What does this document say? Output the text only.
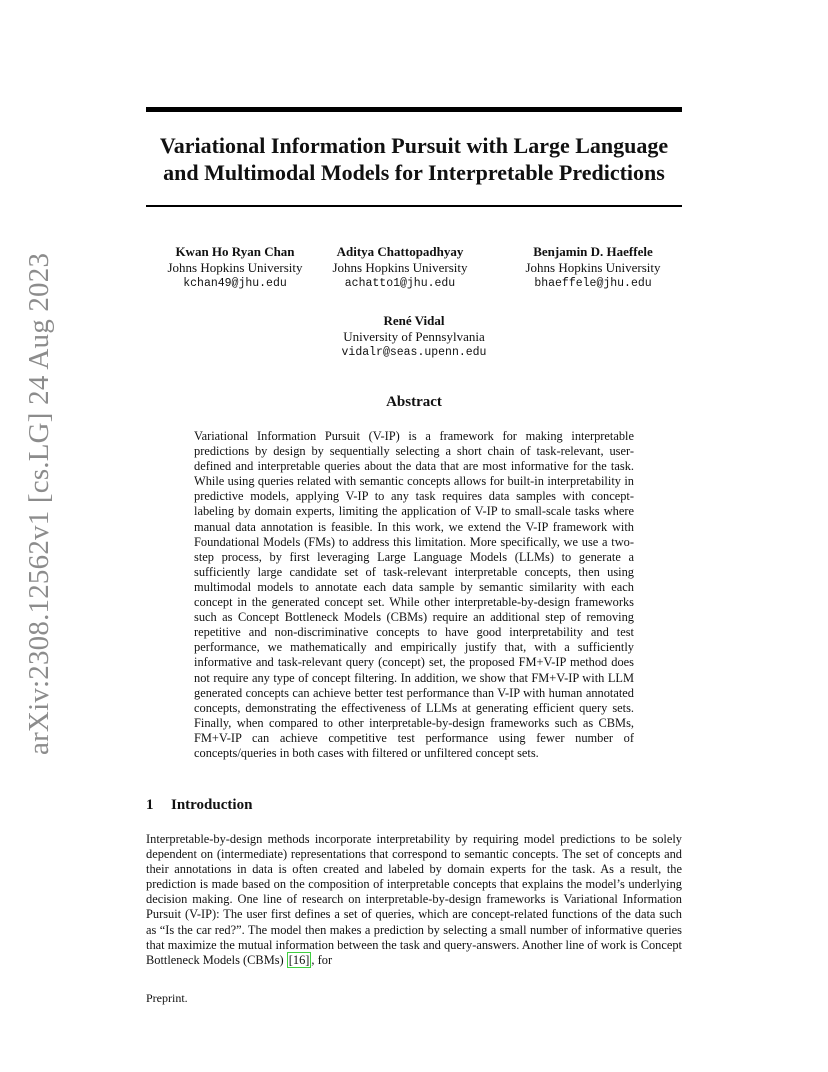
arXiv:2308.12562v1 [cs.LG] 24 Aug 2023
Variational Information Pursuit with Large Language and Multimodal Models for Interpretable Predictions
Kwan Ho Ryan Chan
Johns Hopkins University
kchan49@jhu.edu
Aditya Chattopadhyay
Johns Hopkins University
achatto1@jhu.edu
Benjamin D. Haeffele
Johns Hopkins University
bhaeffele@jhu.edu
René Vidal
University of Pennsylvania
vidalr@seas.upenn.edu
Abstract

Variational Information Pursuit (V-IP) is a framework for making interpretable predictions by design by sequentially selecting a short chain of task-relevant, user-defined and interpretable queries about the data that are most informative for the task. While using queries related with semantic concepts allows for built-in interpretability in predictive models, applying V-IP to any task requires data samples with concept-labeling by domain experts, limiting the application of V-IP to small-scale tasks where manual data annotation is feasible. In this work, we extend the V-IP framework with Foundational Models (FMs) to address this limitation. More specifically, we use a two-step process, by first leveraging Large Language Models (LLMs) to generate a sufficiently large candidate set of task-relevant interpretable concepts, then using multimodal models to annotate each data sample by semantic similarity with each concept in the generated concept set. While other interpretable-by-design frameworks such as Concept Bottleneck Models (CBMs) require an additional step of removing repetitive and non-discriminative concepts to have good interpretability and test performance, we mathematically and empirically justify that, with a sufficiently informative and task-relevant query (concept) set, the proposed FM+V-IP method does not require any type of concept filtering. In addition, we show that FM+V-IP with LLM generated concepts can achieve better test performance than V-IP with human annotated concepts, demonstrating the effectiveness of LLMs at generating efficient query sets. Finally, when compared to other interpretable-by-design frameworks such as CBMs, FM+V-IP can achieve competitive test performance using fewer number of concepts/queries in both cases with filtered or unfiltered concept sets.

1 Introduction

Interpretable-by-design methods incorporate interpretability by requiring model predictions to be solely dependent on (intermediate) representations that correspond to semantic concepts. The set of concepts and their annotations in data is often created and labeled by domain experts for the task. As a result, the prediction is made based on the composition of interpretable concepts that explains the model’s underlying decision making. One line of research on interpretable-by-design frameworks is Variational Information Pursuit (V-IP): The user first defines a set of queries, which are concept-related functions of the data such as “Is the car red?”. The model then makes a prediction by selecting a small number of informative queries that maximize the mutual information between the task and query-answers. Another line of work is Concept Bottleneck Models (CBMs) [16] , for

Preprint.
